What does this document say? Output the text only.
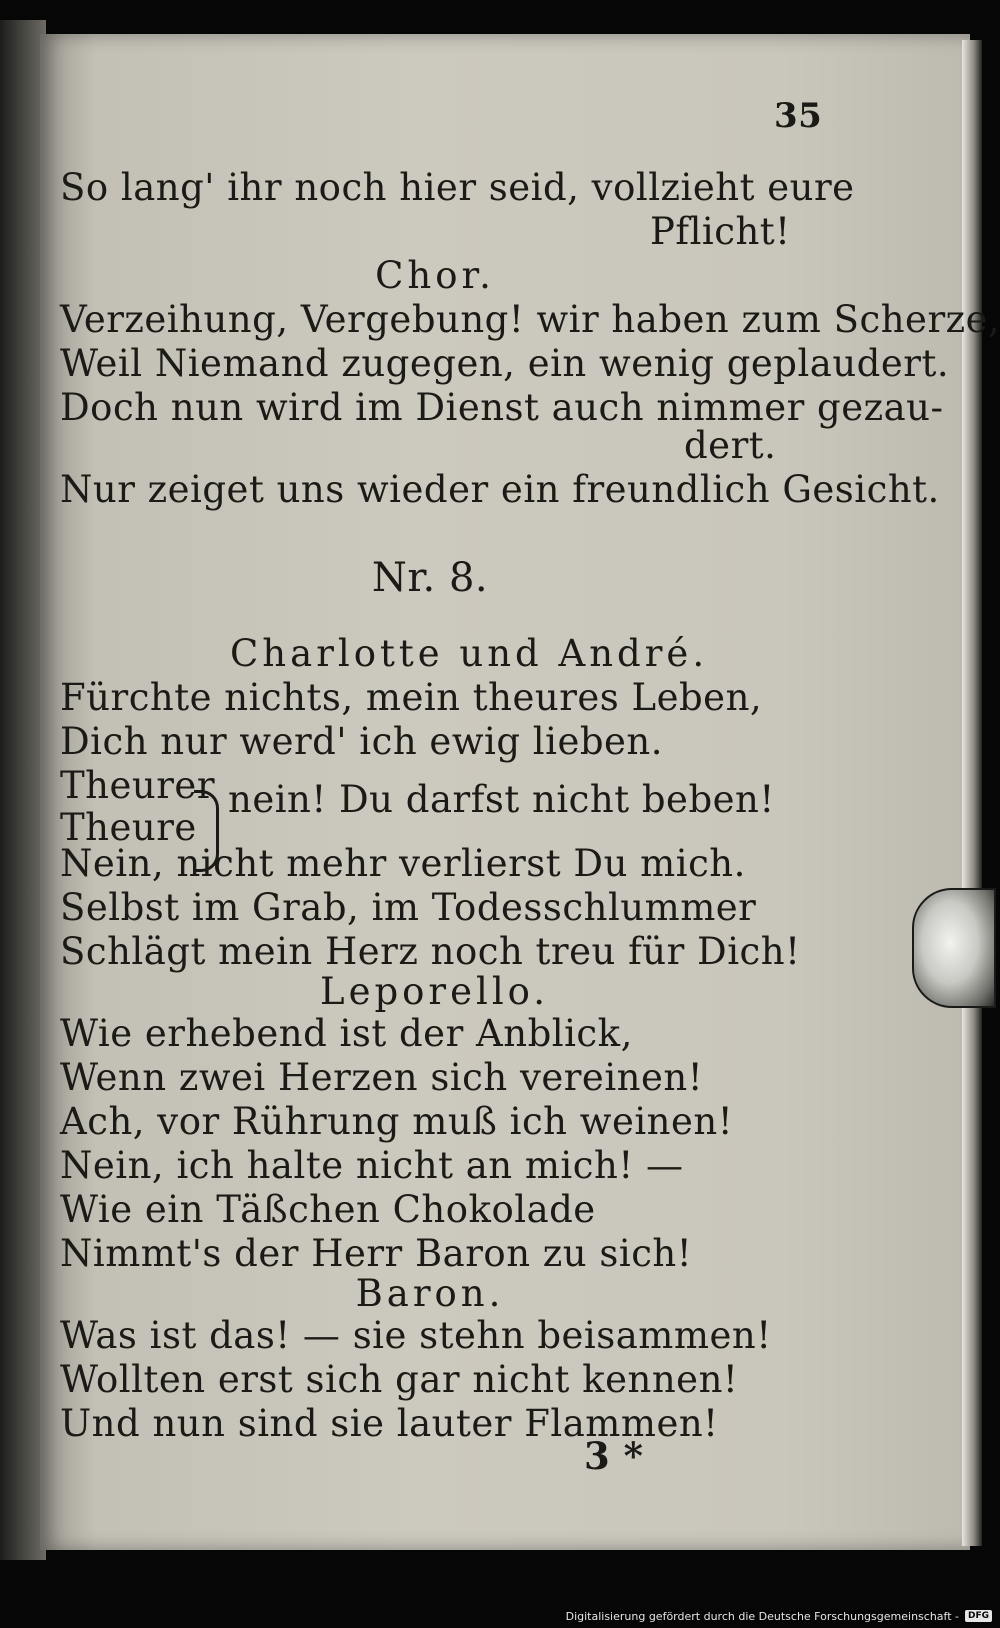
35
So lang' ihr noch hier seid, vollzieht eure
Pflicht!
Chor.
Verzeihung, Vergebung! wir haben zum Scherze,
Weil Niemand zugegen, ein wenig geplaudert.
Doch nun wird im Dienst auch nimmer gezau-
dert.
Nur zeiget uns wieder ein freundlich Gesicht.
Nr. 8.
Charlotte und André.
Fürchte nichts, mein theures Leben,
Dich nur werd' ich ewig lieben.
Theurer
Theure
nein! Du darfst nicht beben!
Nein, nicht mehr verlierst Du mich.
Selbst im Grab, im Todesschlummer
Schlägt mein Herz noch treu für Dich!
Leporello.
Wie erhebend ist der Anblick,
Wenn zwei Herzen sich vereinen!
Ach, vor Rührung muß ich weinen!
Nein, ich halte nicht an mich! —
Wie ein Täßchen Chokolade
Nimmt's der Herr Baron zu sich!
Baron.
Was ist das! — sie stehn beisammen!
Wollten erst sich gar nicht kennen!
Und nun sind sie lauter Flammen!
3 *
Digitalisierung gefördert durch die Deutsche Forschungsgemeinschaft -	DFG
